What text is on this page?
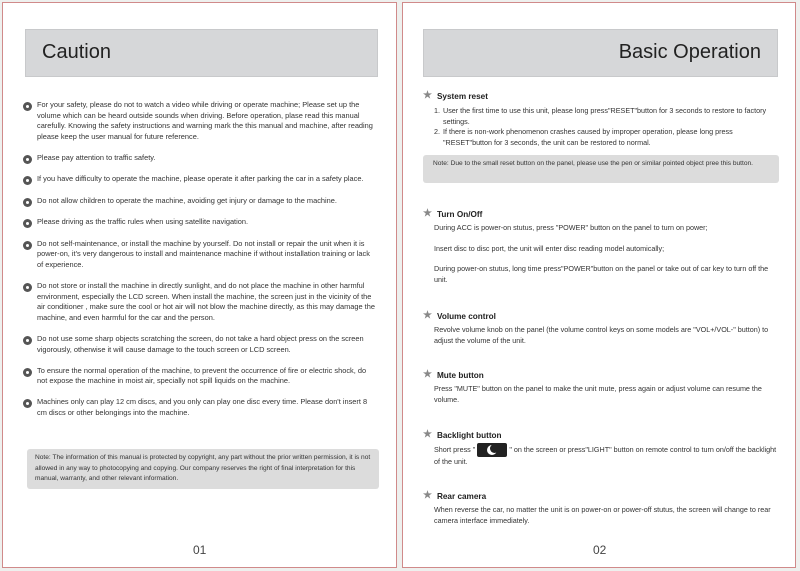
Caution
For your safety, please do not to watch a video while driving or operate machine; Please set up the volume which can be heard outside sounds when driving. Before operation, plase read this manual carefully. Knowing the safety instructions and warning mark the this manual and machine, after reading please keep the user manual for future reference.
Please pay attention to traffic safety.
If you have difficulty to operate the machine, please operate it after parking the car in a safety place.
Do not allow children to operate the machine, avoiding get injury or damage to the machine.
Please driving as the traffic rules when using satellite navigation.
Do not self-maintenance, or install the machine by yourself. Do not install or repair the unit when it is power-on, it's very dangerous to install and maintenance machine if without installation training or lack of experience.
Do not store or install the machine in directly sunlight, and do not place the machine in other harmful environment, especially the LCD screen. When install the machine, the screen just in the vicinity of the air conditioner , make sure the cool or hot air will not blow the machine directly, as this may damage the machine, and even harmful for the car and the person.
Do not use some sharp objects scratching the screen, do not take a hard object press on the screen vigorously, otherwise it will cause damage to the touch screen or LCD screen.
To ensure the normal operation of the machine, to prevent the occurrence of fire or electric shock, do not expose the machine in moist air, specially not spill liquids on the machine.
Machines only can play 12 cm discs, and you only can play one disc every time. Please don't insert 8 cm discs or other belongings into the machine.
Note: The information of this manual is protected by copyright, any part without the prior written permission, it is not allowed in any way to photocopying and copying. Our company reserves the right of final interpretation for this manual, warranty, and other relevant information.
01
Basic Operation
★ System reset
1. User the first time to use this unit, please long press"RESET"button for 3 seconds to restore to factory settings.
2. If there is non-work phenomenon crashes caused by improper operation, please long press "RESET"button for 3 seconds, the unit can be restored to normal.
Note: Due to the small reset button on the panel, please use the pen or similar pointed object pree this button.
★ Turn On/Off
During ACC is power-on stutus, press "POWER" button on the panel to turn on power;
Insert disc to disc port, the unit will enter disc reading model automically;
During power-on stutus, long time press"POWER"button on the panel or take out of car key to turn off the unit.
★ Volume control
Revolve volume knob on the panel (the volume control keys on some models are "VOL+/VOL-" button) to adjust the volume of the unit.
★ Mute button
Press "MUTE" button on the panel to make the unit mute, press again or adjust volume can resume the volume.
★ Backlight button
Short press "	" on the screen or press"LIGHT" button on remote control to turn on/off the backlight of the unit.
★ Rear camera
When reverse the car, no matter the unit is on power-on or power-off stutus, the screen will change to rear camera interface immediately.
02
